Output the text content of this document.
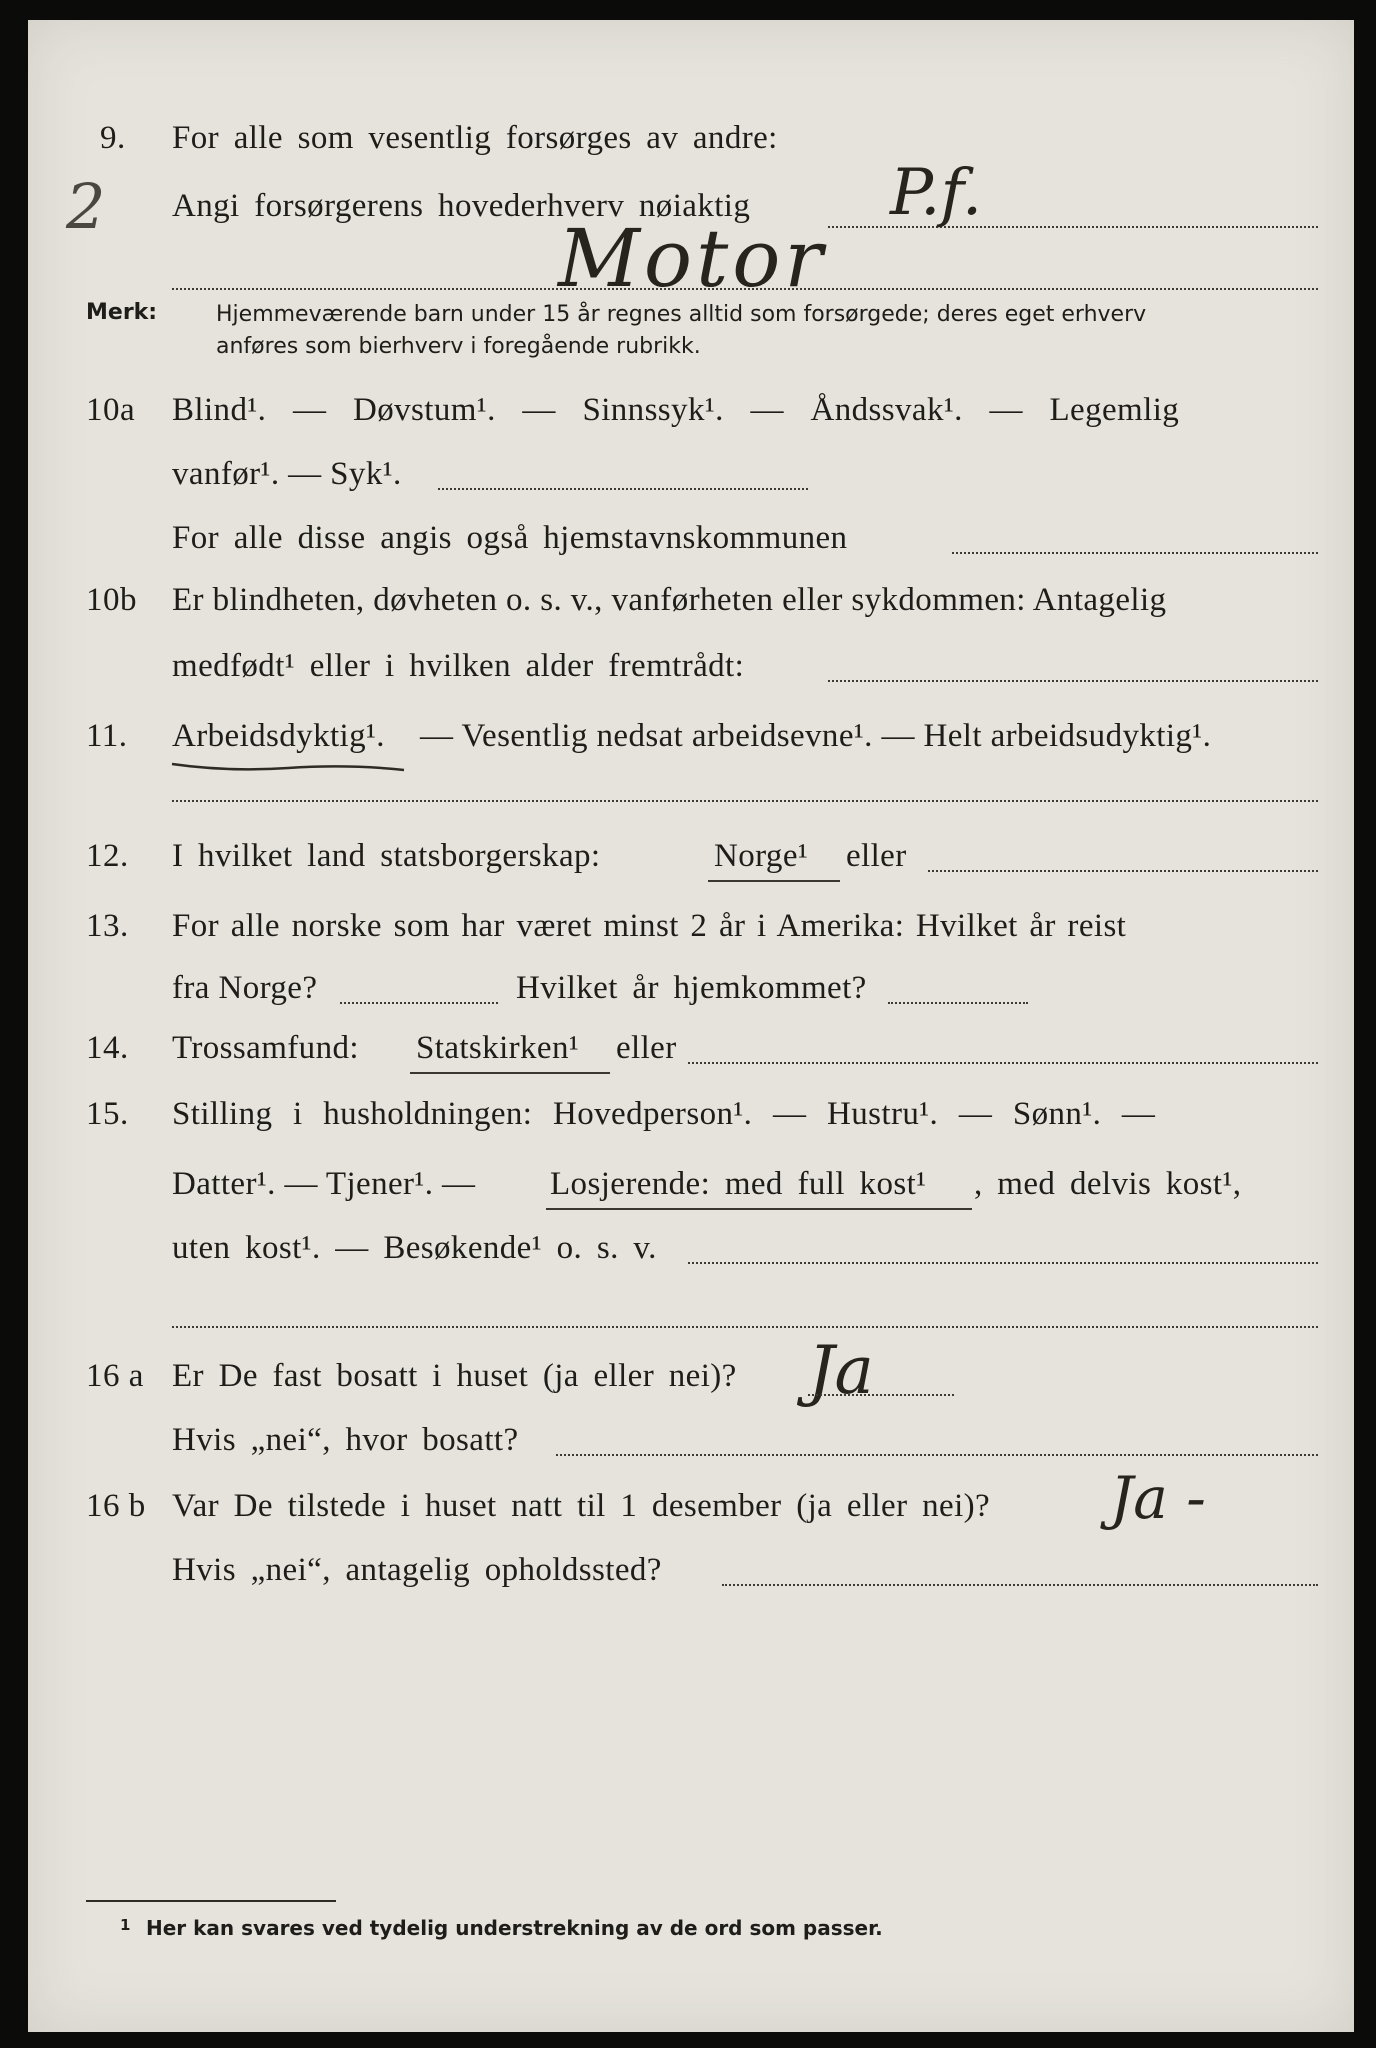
9. For alle som vesentlig forsørges av andre:
2 Angi forsørgerens hovederhverv nøiaktig P.f.
Motor
Merk:	Hjemmeværende barn under 15 år regnes alltid som forsørgede; deres eget erhverv
anføres som bierhverv i foregående rubrikk.
10a Blind¹. — Døvstum¹. — Sinnssyk¹. — Åndssvak¹. — Legemlig
vanfør¹. — Syk¹.
For alle disse angis også hjemstavnskommunen
10b Er blindheten, døvheten o. s. v., vanførheten eller sykdommen: Antagelig
medfødt¹ eller i hvilken alder fremtrådt:
11. Arbeidsdyktig¹. — Vesentlig nedsat arbeidsevne¹. — Helt arbeidsudyktig¹.
12. I hvilket land statsborgerskap:	Norge¹ eller
13. For alle norske som har været minst 2 år i Amerika: Hvilket år reist
fra Norge?	Hvilket år hjemkommet?
14. Trossamfund: Statskirken¹ eller
15. Stilling i husholdningen: Hovedperson¹. — Hustru¹. — Sønn¹. —
Datter¹. — Tjener¹. — Losjerende: med full kost¹ , med delvis kost¹,
uten kost¹. — Besøkende¹ o. s. v.
16 a Er De fast bosatt i huset (ja eller nei)? Ja
Hvis „nei“, hvor bosatt?
16 b Var De tilstede i huset natt til 1 desember (ja eller nei)? Ja -
Hvis „nei“, antagelig opholdssted?
1 Her kan svares ved tydelig understrekning av de ord som passer.
